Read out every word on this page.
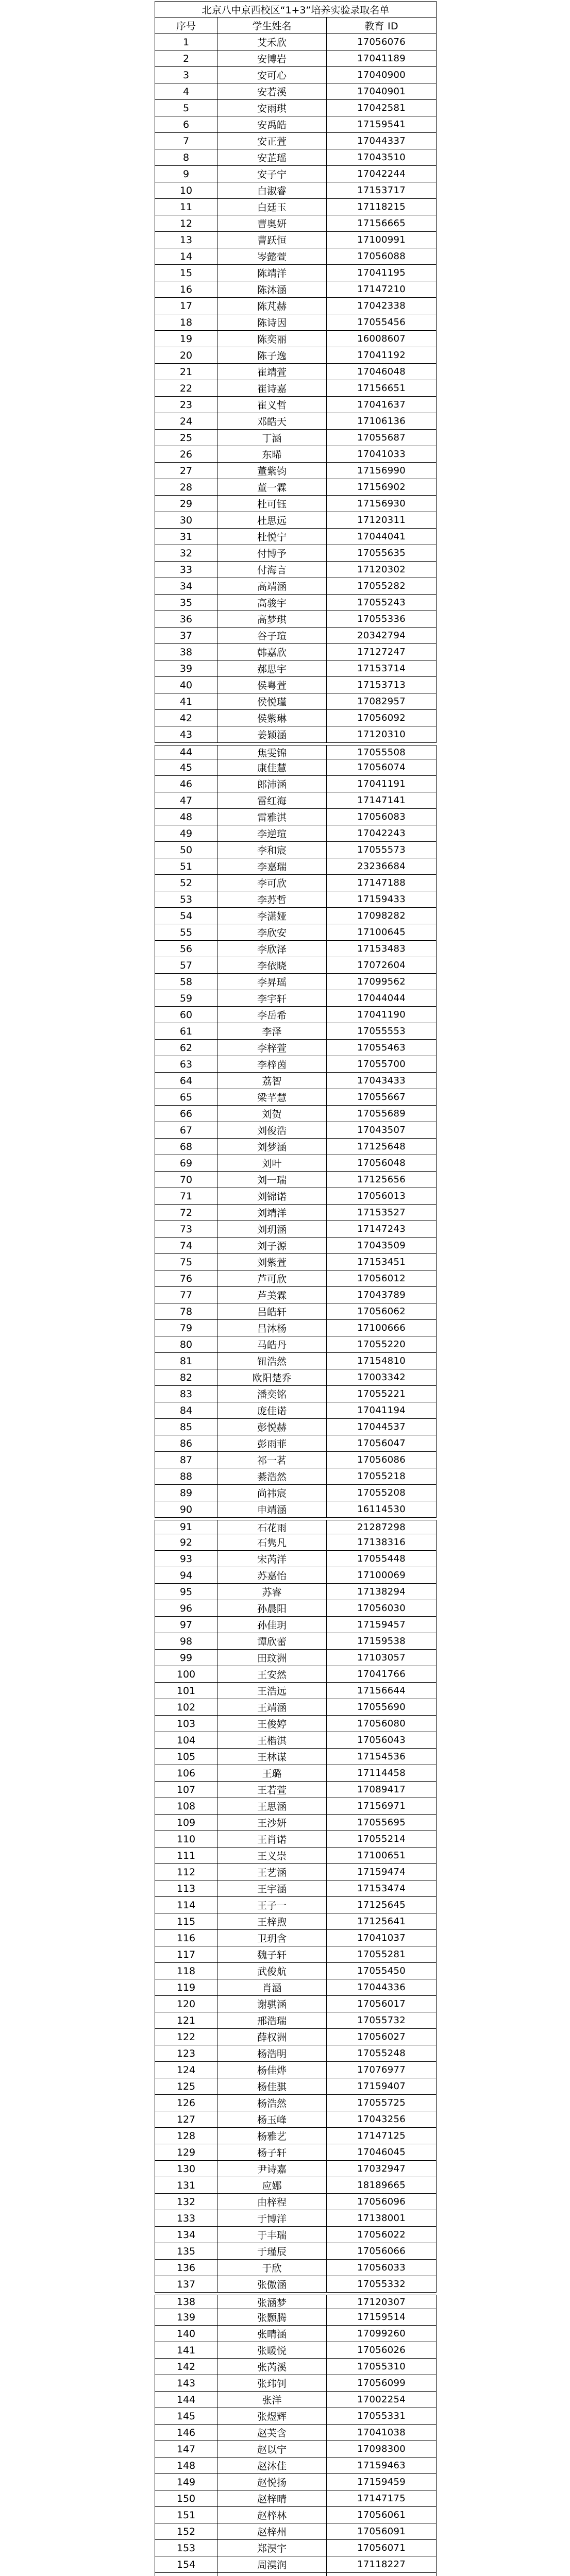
北京八中京西校区“1+3”培养实验录取名单
序号	学生姓名	教育 ID
1	艾禾欣	17056076
2	安博岩	17041189
3	安可心	17040900
4	安若溪	17040901
5	安雨琪	17042581
6	安禹皓	17159541
7	安正萱	17044337
8	安芷瑶	17043510
9	安子宁	17042244
10	白淑睿	17153717
11	白廷玉	17118215
12	曹奥妍	17156665
13	曹跃恒	17100991
14	岑懿萱	17056088
15	陈靖洋	17041195
16	陈沐涵	17147210
17	陈芃赫	17042338
18	陈诗因	17055456
19	陈奕丽	16008607
20	陈子逸	17041192
21	崔靖萱	17046048
22	崔诗嘉	17156651
23	崔义哲	17041637
24	邓皓天	17106136
25	丁涵	17055687
26	东晞	17041033
27	董紫钧	17156990
28	董一霖	17156902
29	杜可钰	17156930
30	杜思远	17120311
31	杜悦宁	17044041
32	付博予	17055635
33	付海言	17120302
34	高靖涵	17055282
35	高骏宇	17055243
36	高梦琪	17055336
37	谷子瑄	20342794
38	韩嘉欣	17127247
39	郝思宇	17153714
40	侯粤萱	17153713
41	侯悦瑾	17082957
42	侯紫琳	17056092
43	姜颖涵	17120310
44	焦雯锦	17055508
45	康佳慧	17056074
46	郎沛涵	17041191
47	雷红海	17147141
48	雷雅淇	17056083
49	李逆瑄	17042243
50	李和宸	17055573
51	李嘉瑞	23236684
52	李可欣	17147188
53	李苏哲	17159433
54	李潇娅	17098282
55	李欣安	17100645
56	李欣泽	17153483
57	李依晓	17072604
58	李昇瑶	17099562
59	李宇轩	17044044
60	李岳希	17041190
61	李泽	17055553
62	李梓萱	17055463
63	李梓茵	17055700
64	荔智	17043433
65	梁芊慧	17055667
66	刘贺	17055689
67	刘俊浩	17043507
68	刘梦涵	17125648
69	刘叶	17056048
70	刘一瑞	17125656
71	刘锦诺	17056013
72	刘靖洋	17153527
73	刘玥涵	17147243
74	刘子源	17043509
75	刘紫萱	17153451
76	芦可欣	17056012
77	芦美霖	17043789
78	吕皓轩	17056062
79	吕沐杨	17100666
80	马皓丹	17055220
81	钮浩然	17154810
82	欧阳楚乔	17003342
83	潘奕铭	17055221
84	庞佳诺	17041194
85	彭悦赫	17044537
86	彭雨菲	17056047
87	祁一茗	17056086
88	綦浩然	17055218
89	尚祎宸	17055208
90	申靖涵	16114530
91	石花雨	21287298
92	石隽凡	17138316
93	宋芮洋	17055448
94	苏嘉怡	17100069
95	苏睿	17138294
96	孙晨阳	17056030
97	孙佳玥	17159457
98	谭欣蕾	17159538
99	田玟洲	17103057
100	王安然	17041766
101	王浩远	17156644
102	王靖涵	17055690
103	王俊婷	17056080
104	王楷淇	17056043
105	王林谋	17154536
106	王璐	17114458
107	王若萱	17089417
108	王思涵	17156971
109	王沙妍	17055695
110	王肖诺	17055214
111	王义崇	17100651
112	王艺涵	17159474
113	王宇涵	17153474
114	王子一	17125645
115	王梓煦	17125641
116	卫玥含	17041037
117	魏子轩	17055281
118	武俊航	17055450
119	肖涵	17044336
120	谢骐涵	17056017
121	邢浩瑞	17055732
122	薛权洲	17056027
123	杨浩明	17055248
124	杨佳烨	17076977
125	杨佳骐	17159407
126	杨浩然	17055725
127	杨玉峰	17043256
128	杨雅艺	17147125
129	杨子轩	17046045
130	尹诗嘉	17032947
131	应娜	18189665
132	由梓程	17056096
133	于博洋	17138001
134	于丰瑞	17056022
135	于瑾辰	17056066
136	于欣	17056033
137	张傲涵	17055332
138	张涵梦	17120307
139	张颢腾	17159514
140	张晴涵	17099260
141	张暖悦	17056026
142	张芮溪	17055310
143	张玮钊	17056099
144	张洋	17002254
145	张煜辉	17055331
146	赵芙含	17041038
147	赵以宁	17098300
148	赵沐佳	17159463
149	赵悦扬	17159459
150	赵梓晴	17147175
151	赵梓林	17056061
152	赵梓州	17056091
153	郑淏宇	17056071
154	周漠润	17118227
